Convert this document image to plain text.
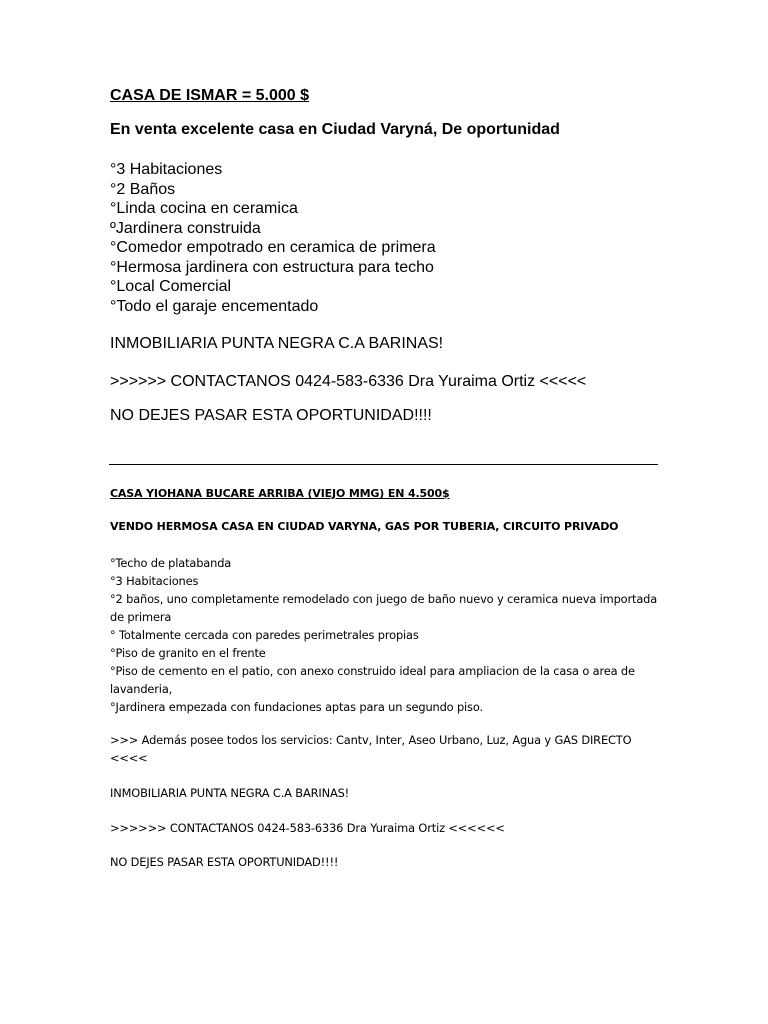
CASA DE ISMAR = 5.000 $
En venta excelente casa en Ciudad Varyná, De oportunidad
°3 Habitaciones
°2 Baños
°Linda cocina en ceramica
ºJardinera construida
°Comedor empotrado en ceramica de primera
°Hermosa jardinera con estructura para techo
°Local Comercial
°Todo el garaje encementado
INMOBILIARIA PUNTA NEGRA C.A BARINAS!
>>>>>> CONTACTANOS 0424-583-6336 Dra Yuraima Ortiz <<<<<
NO DEJES PASAR ESTA OPORTUNIDAD!!!!
CASA YIOHANA BUCARE ARRIBA (VIEJO MMG) EN 4.500$
VENDO HERMOSA CASA EN CIUDAD VARYNA, GAS POR TUBERIA, CIRCUITO PRIVADO
°Techo de platabanda
°3 Habitaciones
°2 baños, uno completamente remodelado con juego de baño nuevo y ceramica nueva importada de primera
° Totalmente cercada con paredes perimetrales propias
°Piso de granito en el frente
°Piso de cemento en el patio, con anexo construido ideal para ampliacion de la casa o area de lavanderia,
°Jardinera empezada con fundaciones aptas para un segundo piso.
>>> Además posee todos los servicios: Cantv, Inter, Aseo Urbano, Luz, Agua y GAS DIRECTO <<<<
INMOBILIARIA PUNTA NEGRA C.A BARINAS!
>>>>>> CONTACTANOS 0424-583-6336 Dra Yuraima Ortiz <<<<<<
NO DEJES PASAR ESTA OPORTUNIDAD!!!!
